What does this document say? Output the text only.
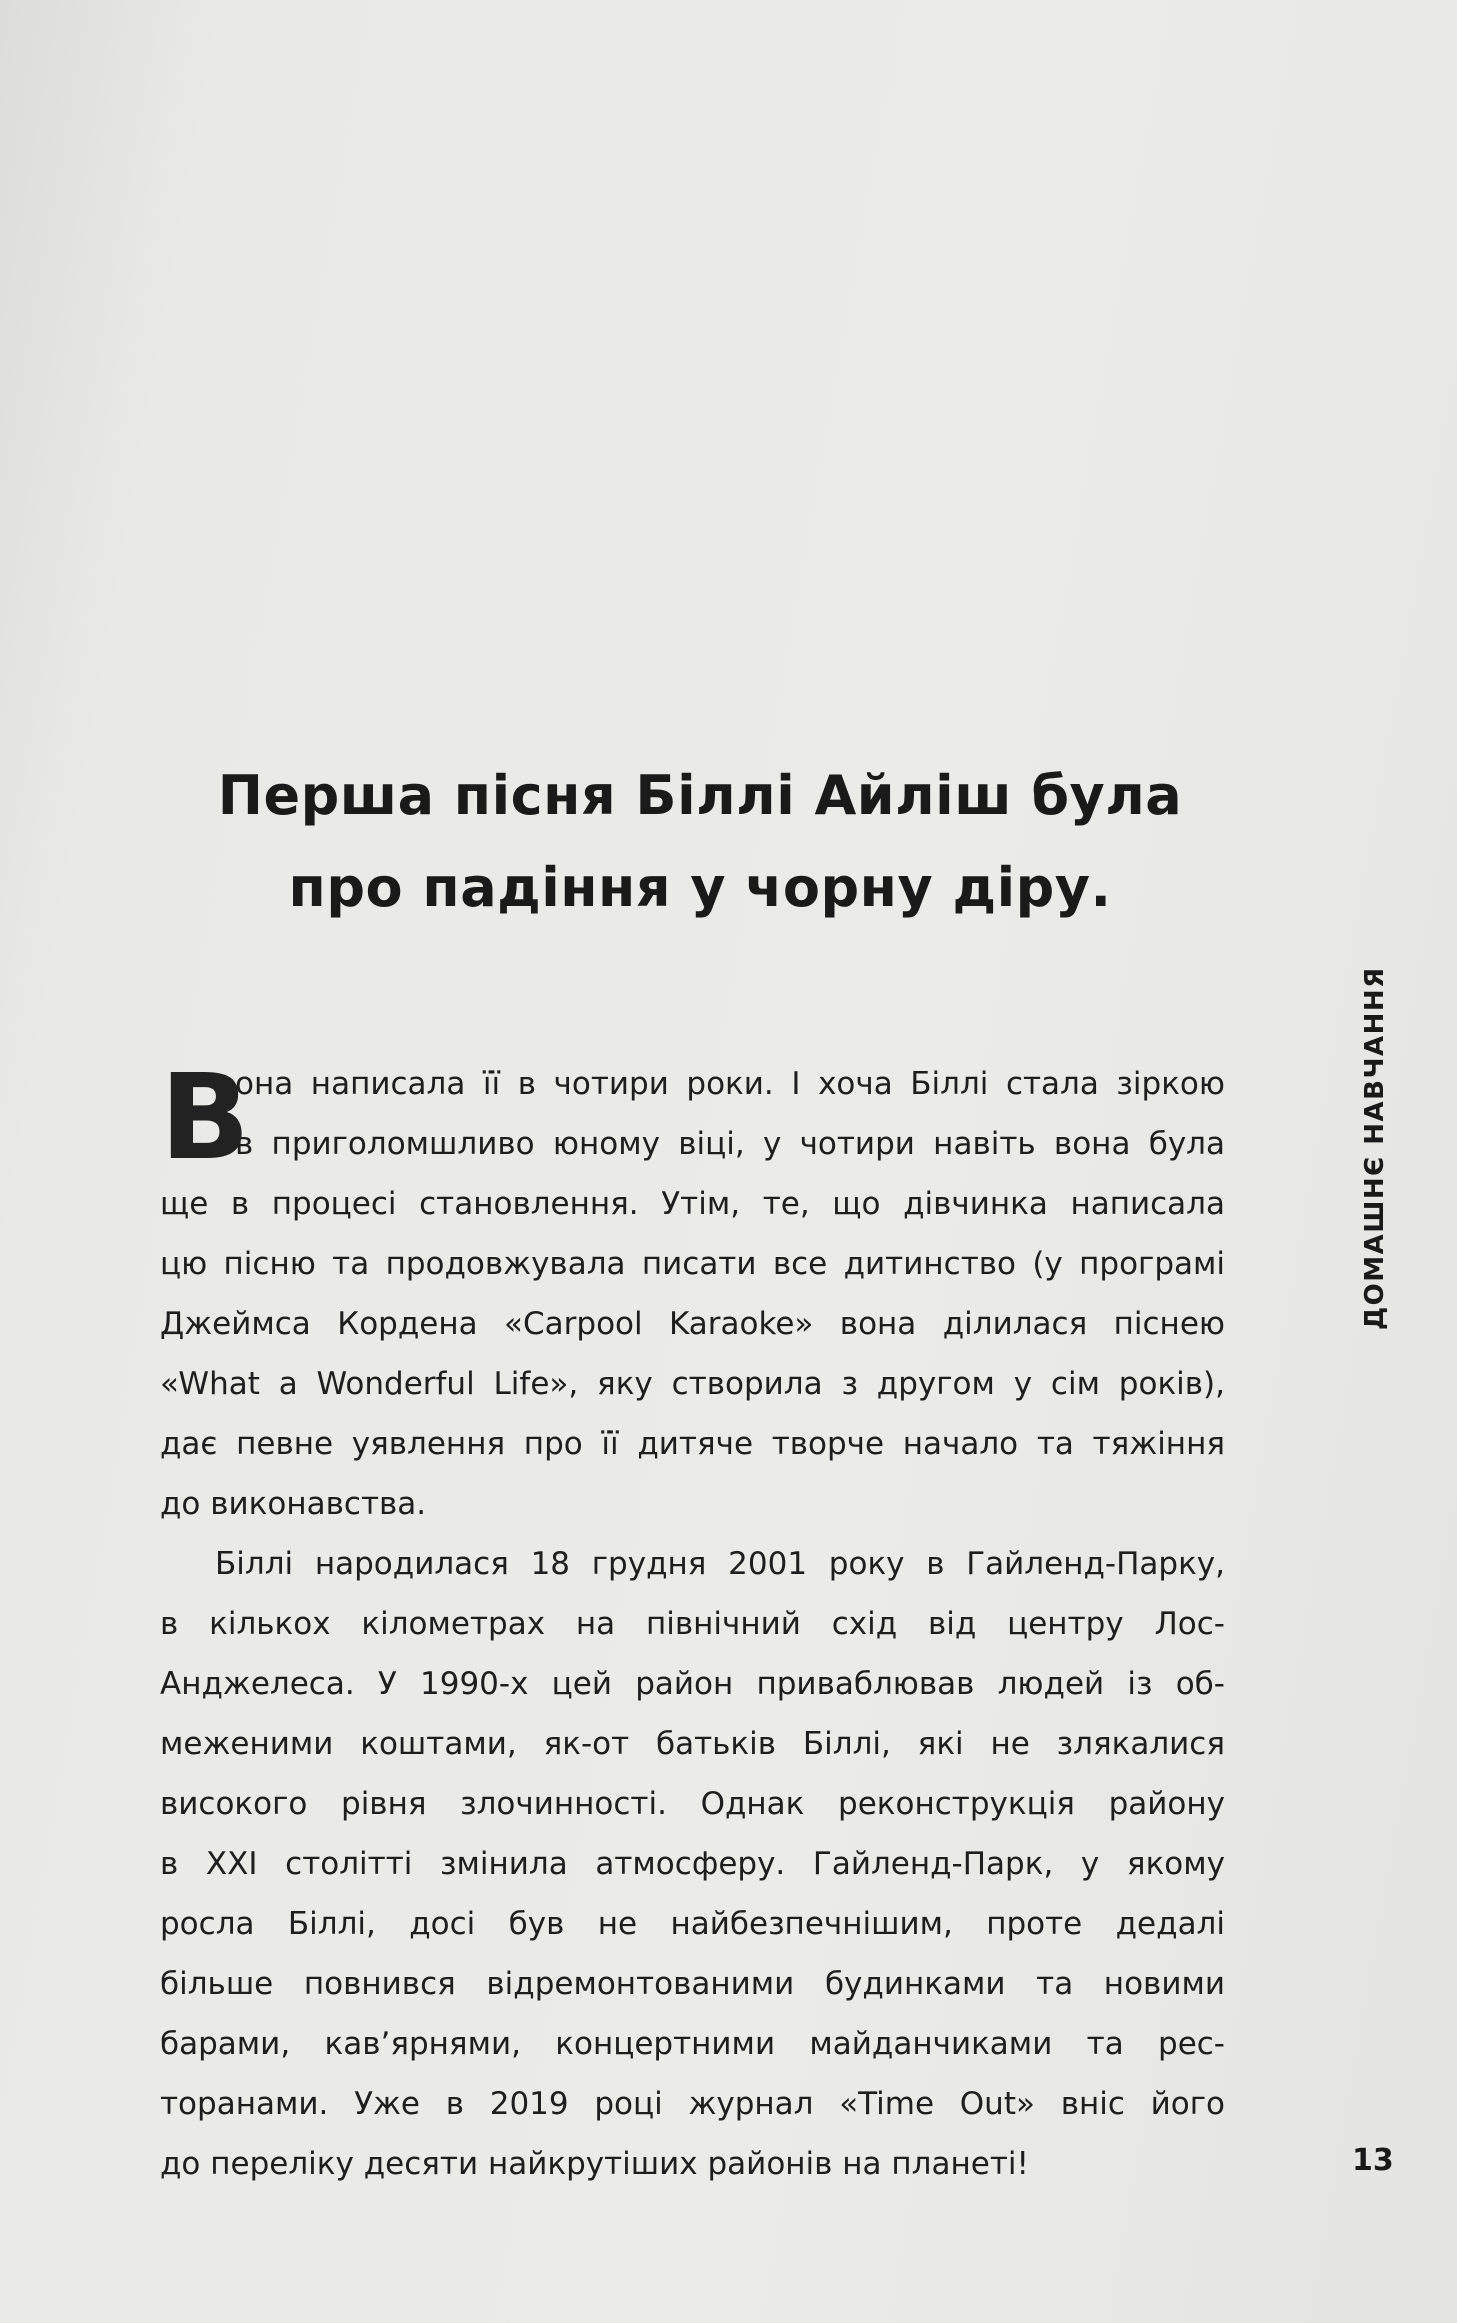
Перша пісня Біллі Айліш була
про падіння у чорну діру.
В
она написала її в чотири роки. І хоча Біллі стала зіркою
в приголомшливо юному віці, у чотири навіть вона була
ще в процесі становлення. Утім, те, що дівчинка написала
цю пісню та продовжувала писати все дитинство (у програмі
Джеймса Кордена «Carpool Karaoke» вона ділилася піснею
«What a Wonderful Life», яку створила з другом у сім років),
дає певне уявлення про її дитяче творче начало та тяжіння
до виконавства.
Біллі народилася 18 грудня 2001 року в Гайленд-Парку,
в кількох кілометрах на північний схід від центру Лос-
Анджелеса. У 1990-х цей район приваблював людей із об-
меженими коштами, як-от батьків Біллі, які не злякалися
високого рівня злочинності. Однак реконструкція району
в XXI столітті змінила атмосферу. Гайленд-Парк, у якому
росла Біллі, досі був не найбезпечнішим, проте дедалі
більше повнився відремонтованими будинками та новими
барами, кав’ярнями, концертними майданчиками та рес-
торанами. Уже в 2019 році журнал «Time Out» вніс його
до переліку десяти найкрутіших районів на планеті!
ДОМАШНЄ НАВЧАННЯ
13
